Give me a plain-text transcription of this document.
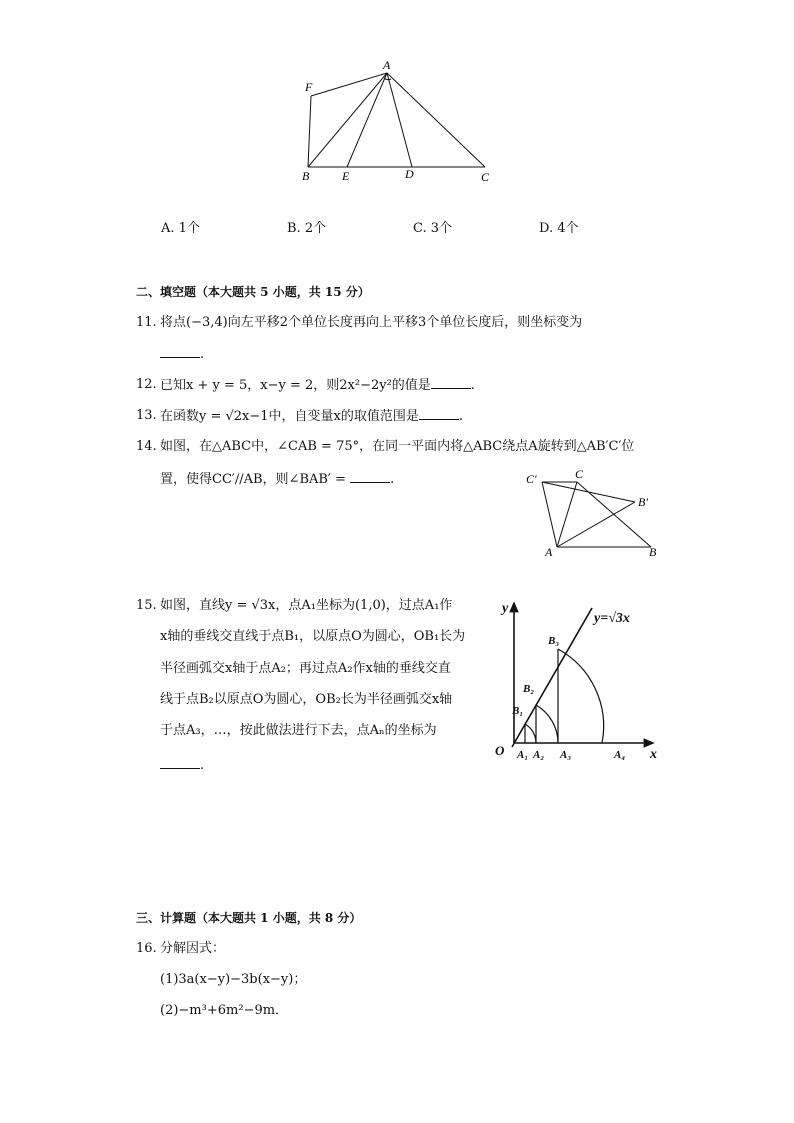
A
F
B	E	D	C
A. 1个	B. 2个	C. 3个	D. 4个
二、填空题（本大题共 5 小题，共 15 分）
11. 将点(−3,4)向左平移2个单位长度再向上平移3个单位长度后，则坐标变为
.
12. 已知x + y = 5，x−y = 2，则2x²−2y²的值是	.
13. 在函数y = √2x−1中，自变量x的取值范围是	.
14. 如图，在△ABC中，∠CAB = 75°，在同一平面内将△ABC绕点A旋转到△AB′C′位
置，使得CC′//AB，则∠BAB′ =	.	C′	C
B′
A	B
15. 如图，直线y = √3x，点A₁坐标为(1,0)，过点A₁作
x轴的垂线交直线于点B₁，以原点O为圆心，OB₁长为
半径画弧交x轴于点A₂；再过点A₂作x轴的垂线交直
线于点B₂以原点O为圆心，OB₂长为半径画弧交x轴
于点A₃，…，按此做法进行下去，点Aₙ的坐标为
.
y
y=√3x
x
O A₁ A₂ A₃	A₄
B₁
B₂
B₃
三、计算题（本大题共 1 小题，共 8 分）
16. 分解因式：
(1)3a(x−y)−3b(x−y)；
(2)−m³+6m²−9m．
